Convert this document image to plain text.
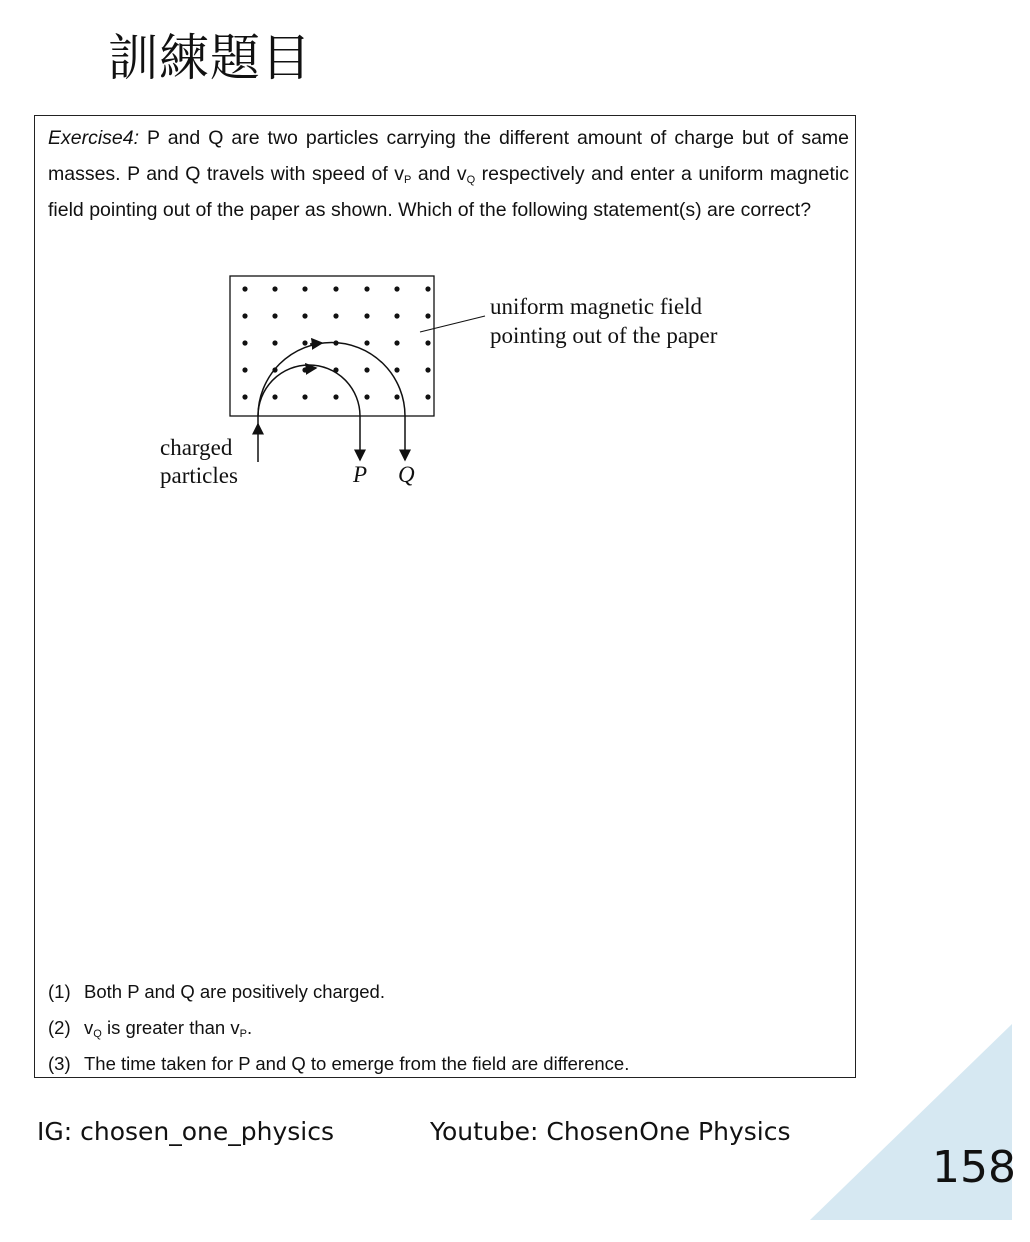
訓練題目
Exercise4: P and Q are two particles carrying the different amount of charge but of same masses. P and Q travels with speed of $v_P$ and $v_Q$ respectively and enter a uniform magnetic field pointing out of the paper as shown. Which of the following statement(s) are correct?
uniform magnetic field
pointing out of the paper
charged
particles	P Q
(1) Both P and Q are positively charged.
(2) $v_Q$ is greater than $v_P$.
(3) The time taken for P and Q to emerge from the field are difference.
IG: chosen_one_physics	Youtube: ChosenOne Physics
158
